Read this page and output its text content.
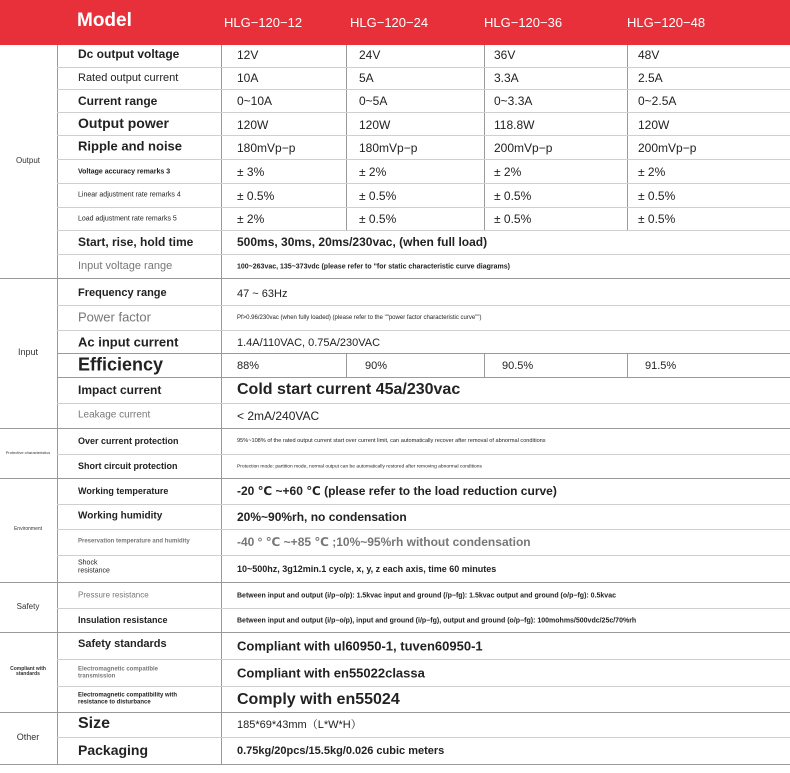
Model	HLG−120−12	HLG−120−24	HLG−120−36	HLG−120−48
Output
Input
Protective characteristics
Environment
Safety
Compliant with standards
Other
Dc output voltage	12V	24V	36V	48V
Rated output current	10A	5A	3.3A	2.5A
Current range	0~10A	0~5A	0~3.3A	0~2.5A
Output power	120W	120W	118.8W	120W
Ripple and noise	180mVp−p	180mVp−p	200mVp−p	200mVp−p
Voltage accuracy remarks 3	± 3%	± 2%	± 2%	± 2%
Linear adjustment rate remarks 4	± 0.5%	± 0.5%	± 0.5%	± 0.5%
Load adjustment rate remarks 5	± 2%	± 0.5%	± 0.5%	± 0.5%
Start, rise, hold time	500ms, 30ms, 20ms/230vac, (when full load)
Input voltage range	100~263vac, 135~373vdc (please refer to "for static characteristic curve diagrams)
Frequency range	47 ~ 63Hz
Power factor	Pf>0.96/230vac (when fully loaded) (please refer to the ""power factor characteristic curve"")
Ac input current	1.4A/110VAC, 0.75A/230VAC
Efficiency	88%	90%	90.5%	91.5%
Impact current	Cold start current 45a/230vac
Leakage current	< 2mA/240VAC
Over current protection	95%~108% of the rated output current start over current limit, can automatically recover after removal of abnormal conditions
Short circuit protection	Protection mode: partition mode, normal output can be automatically restored after removing abnormal conditions
Working temperature	-20 ℃ ~+60 ℃ (please refer to the load reduction curve)
Working humidity	20%~90%rh, no condensation
Preservation temperature and humidity	-40 ° ℃ ~+85 ℃ ;10%~95%rh without condensation
Shock resistance	10~500hz, 3g12min.1 cycle, x, y, z each axis, time 60 minutes
Pressure resistance	Between input and output (i/p−o/p): 1.5kvac input and ground (/p−fg): 1.5kvac output and ground (o/p−fg): 0.5kvac
Insulation resistance	Between input and output (i/p−o/p), input and ground (i/p−fg), output and ground (o/p−fg): 100mohms/500vdc/25c/70%rh
Safety standards	Compliant with ul60950-1, tuven60950-1
Electromagnetic compatible transmission	Compliant with en55022classa
Electromagnetic compatibility with resistance to disturbance	Comply with en55024
Size	185*69*43mm（L*W*H）
Packaging	0.75kg/20pcs/15.5kg/0.026 cubic meters
